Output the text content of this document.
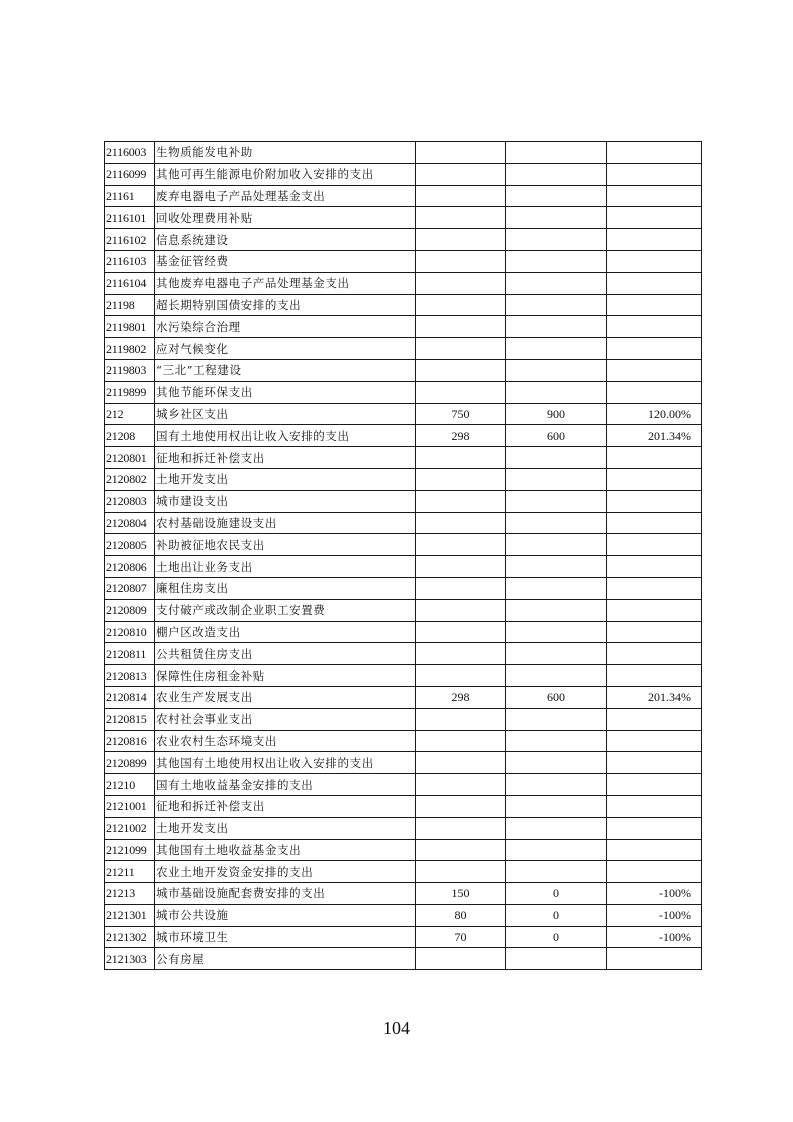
2116003	生物质能发电补助			
2116099	其他可再生能源电价附加收入安排的支出			
21161	废弃电器电子产品处理基金支出			
2116101	回收处理费用补贴			
2116102	信息系统建设			
2116103	基金征管经费			
2116104	其他废弃电器电子产品处理基金支出			
21198	超长期特别国债安排的支出			
2119801	水污染综合治理			
2119802	应对气候变化			
2119803	“三北”工程建设			
2119899	其他节能环保支出			
212	城乡社区支出	750	900	120.00%
21208	国有土地使用权出让收入安排的支出	298	600	201.34%
2120801	征地和拆迁补偿支出			
2120802	土地开发支出			
2120803	城市建设支出			
2120804	农村基础设施建设支出			
2120805	补助被征地农民支出			
2120806	土地出让业务支出			
2120807	廉租住房支出			
2120809	支付破产或改制企业职工安置费			
2120810	棚户区改造支出			
2120811	公共租赁住房支出			
2120813	保障性住房租金补贴			
2120814	农业生产发展支出	298	600	201.34%
2120815	农村社会事业支出			
2120816	农业农村生态环境支出			
2120899	其他国有土地使用权出让收入安排的支出			
21210	国有土地收益基金安排的支出			
2121001	征地和拆迁补偿支出			
2121002	土地开发支出			
2121099	其他国有土地收益基金支出			
21211	农业土地开发资金安排的支出			
21213	城市基础设施配套费安排的支出	150	0	-100%
2121301	城市公共设施	80	0	-100%
2121302	城市环境卫生	70	0	-100%
2121303	公有房屋			
104
